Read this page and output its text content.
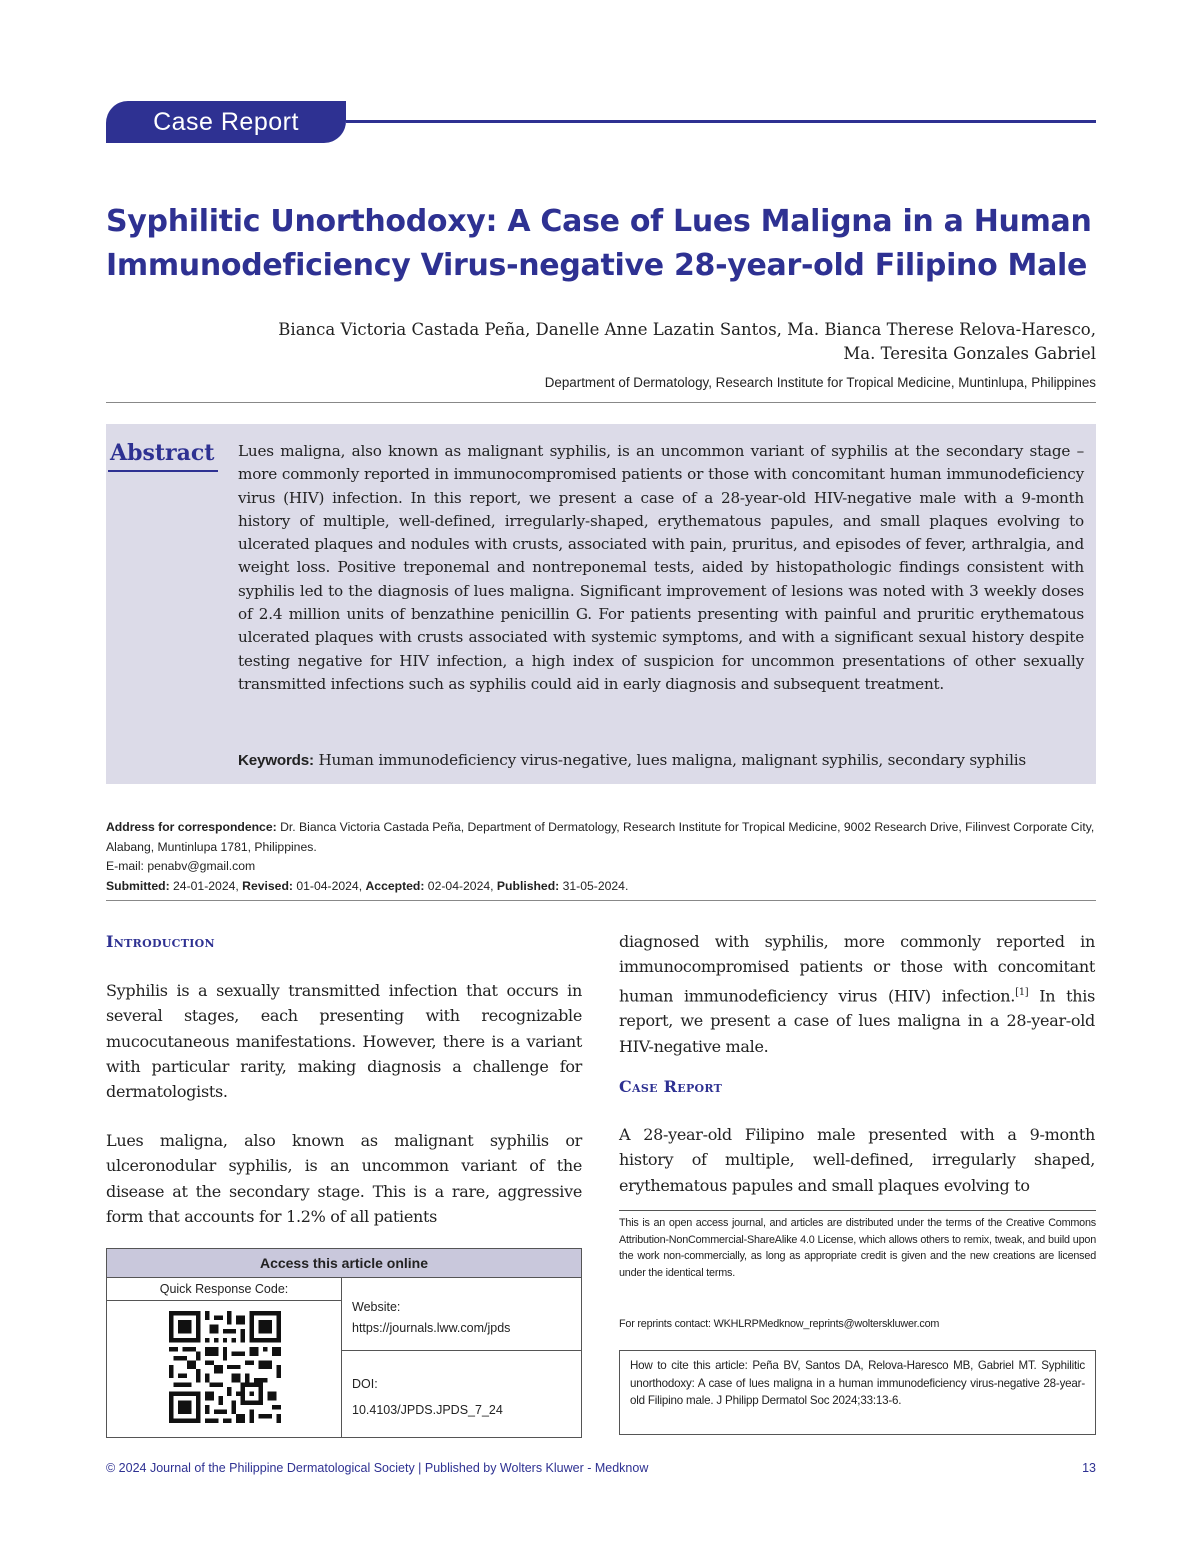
Case Report
Syphilitic Unorthodoxy: A Case of Lues Maligna in a Human Immunodeficiency Virus-negative 28-year-old Filipino Male
Bianca Victoria Castada Peña, Danelle Anne Lazatin Santos, Ma. Bianca Therese Relova-Haresco,
Ma. Teresita Gonzales Gabriel
Department of Dermatology, Research Institute for Tropical Medicine, Muntinlupa, Philippines
Abstract Lues maligna, also known as malignant syphilis, is an uncommon variant of syphilis at the secondary stage – more commonly reported in immunocompromised patients or those with concomitant human immunodeficiency virus (HIV) infection. In this report, we present a case of a 28-year-old HIV-negative male with a 9-month history of multiple, well-defined, irregularly-shaped, erythematous papules, and small plaques evolving to ulcerated plaques and nodules with crusts, associated with pain, pruritus, and episodes of fever, arthralgia, and weight loss. Positive treponemal and nontreponemal tests, aided by histopathologic findings consistent with syphilis led to the diagnosis of lues maligna. Significant improvement of lesions was noted with 3 weekly doses of 2.4 million units of benzathine penicillin G. For patients presenting with painful and pruritic erythematous ulcerated plaques with crusts associated with systemic symptoms, and with a significant sexual history despite testing negative for HIV infection, a high index of suspicion for uncommon presentations of other sexually transmitted infections such as syphilis could aid in early diagnosis and subsequent treatment.
Keywords: Human immunodeficiency virus-negative, lues maligna, malignant syphilis, secondary syphilis
Address for correspondence: Dr. Bianca Victoria Castada Peña, Department of Dermatology, Research Institute for Tropical Medicine, 9002 Research Drive, Filinvest Corporate City, Alabang, Muntinlupa 1781, Philippines.
E-mail: penabv@gmail.com
Submitted: 24-01-2024, Revised: 01-04-2024, Accepted: 02-04-2024, Published: 31-05-2024.
Introduction
Syphilis is a sexually transmitted infection that occurs in several stages, each presenting with recognizable mucocutaneous manifestations. However, there is a variant with particular rarity, making diagnosis a challenge for dermatologists.
Lues maligna, also known as malignant syphilis or ulceronodular syphilis, is an uncommon variant of the disease at the secondary stage. This is a rare, aggressive form that accounts for 1.2% of all patients
Access this article online
Quick Response Code:
Website:
https://journals.lww.com/jpds
DOI:
10.4103/JPDS.JPDS_7_24
diagnosed with syphilis, more commonly reported in immunocompromised patients or those with concomitant human immunodeficiency virus (HIV) infection.[1] In this report, we present a case of lues maligna in a 28-year-old HIV-negative male.
Case Report
A 28-year-old Filipino male presented with a 9-month history of multiple, well-defined, irregularly shaped, erythematous papules and small plaques evolving to
This is an open access journal, and articles are distributed under the terms of the Creative Commons Attribution-NonCommercial-ShareAlike 4.0 License, which allows others to remix, tweak, and build upon the work non-commercially, as long as appropriate credit is given and the new creations are licensed under the identical terms.
For reprints contact: WKHLRPMedknow_reprints@wolterskluwer.com
How to cite this article: Peña BV, Santos DA, Relova-Haresco MB, Gabriel MT. Syphilitic unorthodoxy: A case of lues maligna in a human immunodeficiency virus-negative 28-year-old Filipino male. J Philipp Dermatol Soc 2024;33:13-6.
© 2024 Journal of the Philippine Dermatological Society | Published by Wolters Kluwer - Medknow	13
